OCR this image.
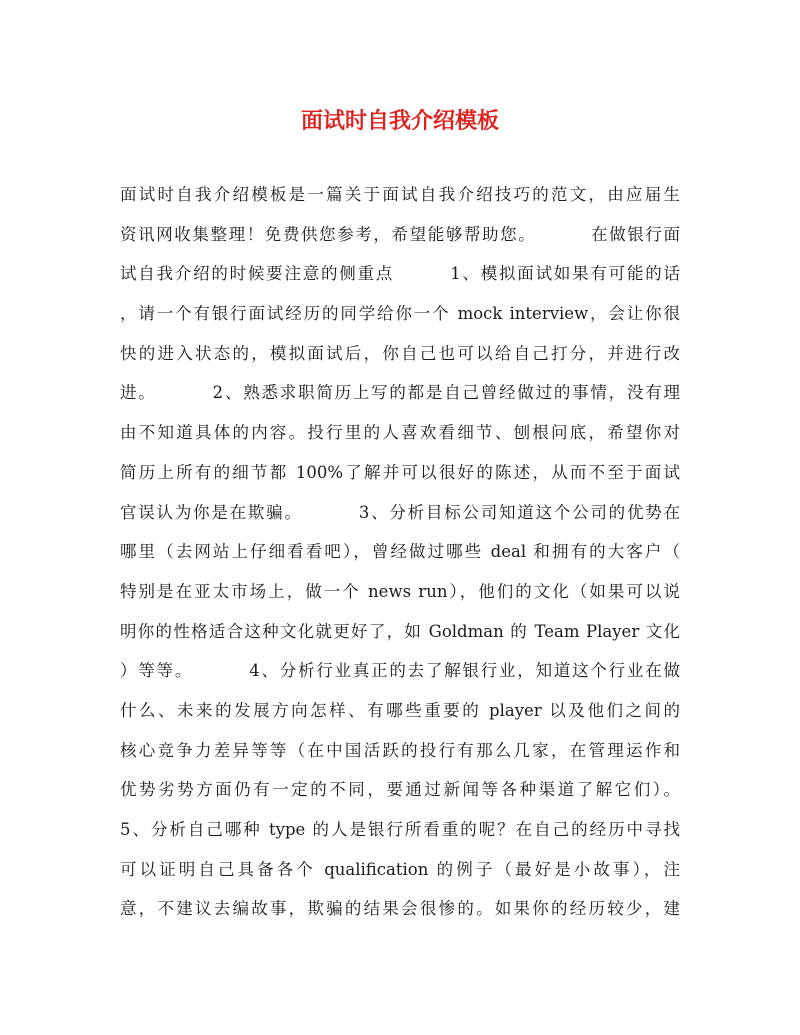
面试时自我介绍模板
面试时自我介绍模板是一篇关于面试自我介绍技巧的范文，由应届生
资讯网收集整理！免费供您参考，希望能够帮助您。        在做银行面
试自我介绍的时候要注意的侧重点        1、模拟面试如果有可能的话
，请一个有银行面试经历的同学给你一个 mock interview，会让你很
快的进入状态的，模拟面试后，你自己也可以给自己打分，并进行改
进。        2、熟悉求职简历上写的都是自己曾经做过的事情，没有理
由不知道具体的内容。投行里的人喜欢看细节、刨根问底，希望你对
简历上所有的细节都 100%了解并可以很好的陈述，从而不至于面试
官误认为你是在欺骗。        3、分析目标公司知道这个公司的优势在
哪里（去网站上仔细看看吧），曾经做过哪些 deal 和拥有的大客户（
特别是在亚太市场上，做一个 news run），他们的文化（如果可以说
明你的性格适合这种文化就更好了，如 Goldman 的 Team Player 文化
）等等。        4、分析行业真正的去了解银行业，知道这个行业在做
什么、未来的发展方向怎样、有哪些重要的 player 以及他们之间的
核心竞争力差异等等（在中国活跃的投行有那么几家，在管理运作和
优势劣势方面仍有一定的不同，要通过新闻等各种渠道了解它们）。
5、分析自己哪种 type 的人是银行所看重的呢？在自己的经历中寻找
可以证明自己具备各个 qualification 的例子（最好是小故事），注
意，不建议去编故事，欺骗的结果会很惨的。如果你的经历较少，建
